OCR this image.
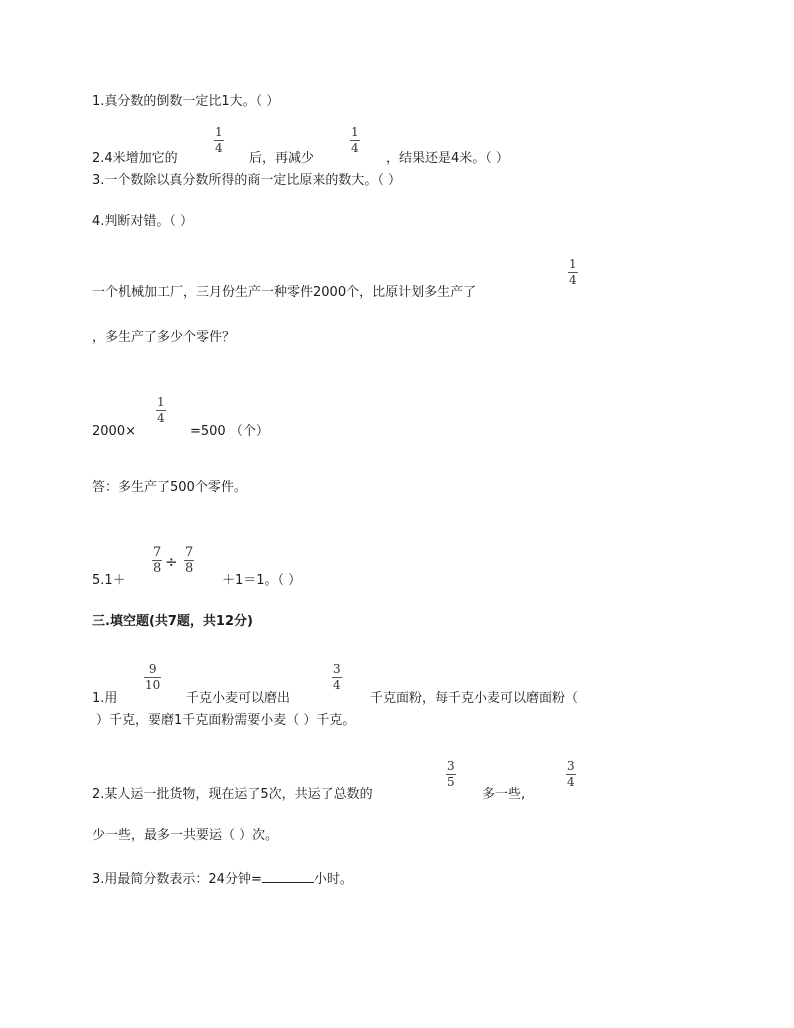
1.真分数的倒数一定比1大。（ ）
1
4
1
4
2.4米增加它的	后，再减少	，结果还是4米。（ ）
3.一个数除以真分数所得的商一定比原来的数大。（ ）
4.判断对错。（ ）
1
4
一个机械加工厂，三月份生产一种零件2000个，比原计划多生产了
，多生产了多少个零件？
1
4
2000×	=500 （个）
答：多生产了500个零件。
7
8 ÷
7
8
5.1＋	＋1＝1。（ ）
三.填空题(共7题，共12分)
9
10
3
4
1.用	千克小麦可以磨出	千克面粉，每千克小麦可以磨面粉（
）千克，要磨1千克面粉需要小麦（ ）千克。
3
5
3
4
2.某人运一批货物，现在运了5次，共运了总数的	多一些,
少一些，最多一共要运（ ）次。
3.用最简分数表示：24分钟=	小时。
